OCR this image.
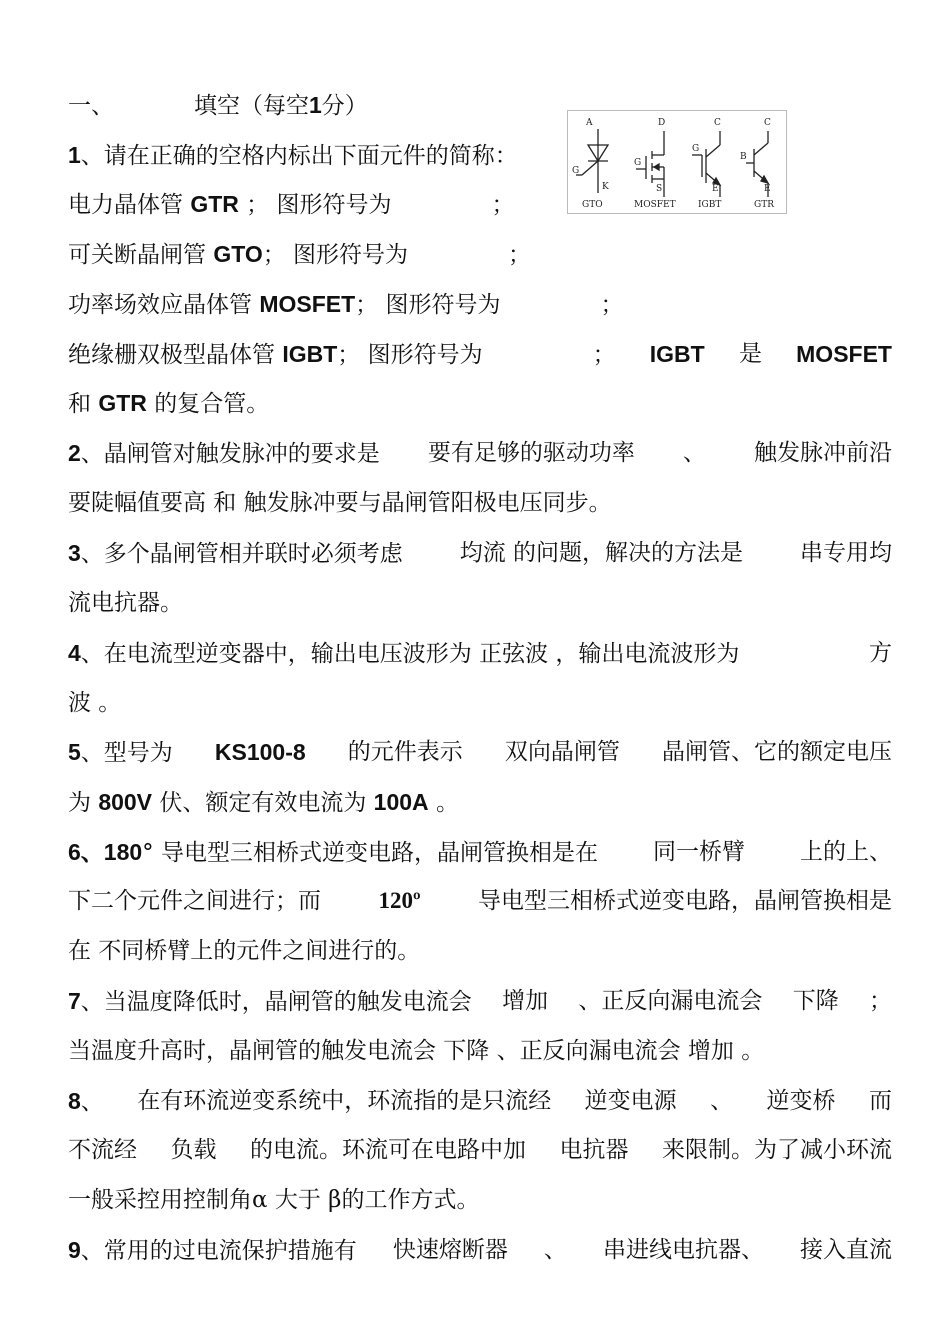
一、	填空（每空1分）
A
G
K
D
G
S
C
G
E
C
B
E
GTO	MOSFET IGBT	GTR
1、请在正确的空格内标出下面元件的简称：
电力晶体管 GTR ； 图形符号为	；
可关断晶闸管 GTO； 图形符号为	；
功率场效应晶体管 MOSFET； 图形符号为	；
绝缘栅双极型晶体管 IGBT； 图形符号为	； IGBT 是 MOSFET
和 GTR 的复合管。
2、晶闸管对触发脉冲的要求是 要有足够的驱动功率 、 触发脉冲前沿
要陡幅值要高 和 触发脉冲要与晶闸管阳极电压同步。
3、多个晶闸管相并联时必须考虑 均流 的问题，解决的方法是 串专用均
流电抗器。
4、在电流型逆变器中，输出电压波形为 正弦波 ，输出电流波形为	方
波 。
5、型号为 KS100-8 的元件表示 双向晶闸管 晶闸管、它的额定电压
为 800V 伏、额定有效电流为 100A 。
6、180° 导电型三相桥式逆变电路，晶闸管换相是在 同一桥臂 上的上、
下二个元件之间进行；而 120º 导电型三相桥式逆变电路，晶闸管换相是
在 不同桥臂上的元件之间进行的。
7、当温度降低时，晶闸管的触发电流会 增加 、正反向漏电流会 下降 ；
当温度升高时，晶闸管的触发电流会 下降 、正反向漏电流会 增加 。
8、 在有环流逆变系统中，环流指的是只流经 逆变电源 、 逆变桥 而
不流经 负载 的电流。环流可在电路中加 电抗器 来限制。为了减小环流
一般采控用控制角α 大于 β的工作方式。
9、常用的过电流保护措施有 快速熔断器 、 串进线电抗器、 接入直流
